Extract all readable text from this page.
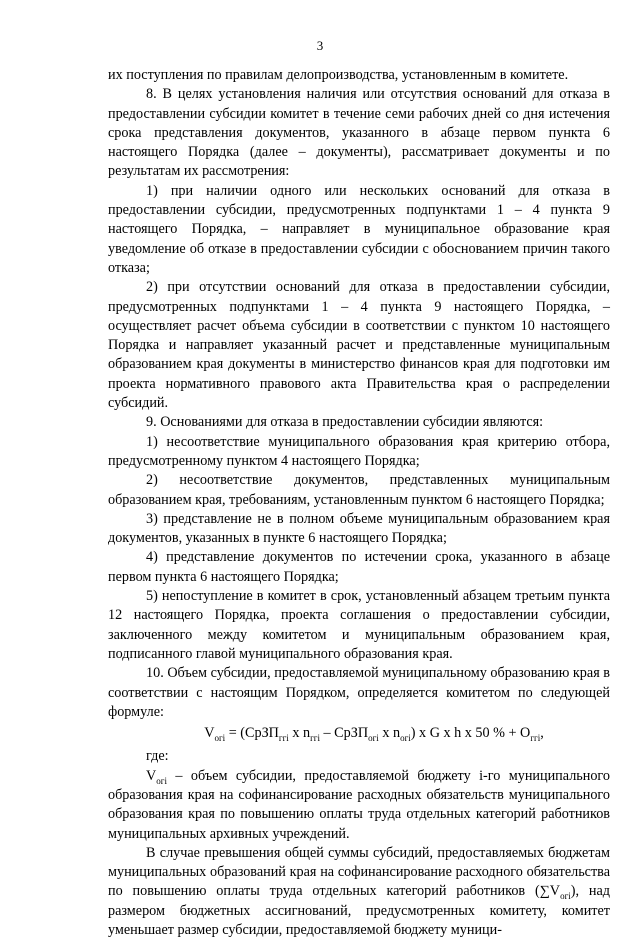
3

их поступления по правилам делопроизводства, установленным в комитете.

8. В целях установления наличия или отсутствия оснований для отказа в предоставлении субсидии комитет в течение семи рабочих дней со дня истечения срока представления документов, указанного в абзаце первом пункта 6 настоящего Порядка (далее – документы), рассматривает документы и по результатам их рассмотрения:

1) при наличии одного или нескольких оснований для отказа в предоставлении субсидии, предусмотренных подпунктами 1 – 4 пункта 9 настоящего Порядка, – направляет в муниципальное образование края уведомление об отказе в предоставлении субсидии с обоснованием причин такого отказа;

2) при отсутствии оснований для отказа в предоставлении субсидии, предусмотренных подпунктами 1 – 4 пункта 9 настоящего Порядка, – осуществляет расчет объема субсидии в соответствии с пунктом 10 настоящего Порядка и направляет указанный расчет и представленные муниципальным образованием края документы в министерство финансов края для подготовки им проекта нормативного правового акта Правительства края о распределении субсидий.

9. Основаниями для отказа в предоставлении субсидии являются:

1) несоответствие муниципального образования края критерию отбора, предусмотренному пунктом 4 настоящего Порядка;

2) несоответствие документов, представленных муниципальным образованием края, требованиям, установленным пунктом 6 настоящего Порядка;

3) представление не в полном объеме муниципальным образованием края документов, указанных в пункте 6 настоящего Порядка;

4) представление документов по истечении срока, указанного в абзаце первом пункта 6 настоящего Порядка;

5) непоступление в комитет в срок, установленный абзацем третьим пункта 12 настоящего Порядка, проекта соглашения о предоставлении субсидии, заключенного между комитетом и муниципальным образованием края, подписанного главой муниципального образования края.

10. Объем субсидии, предоставляемой муниципальному образованию края в соответствии с настоящим Порядком, определяется комитетом по следующей формуле:

$V_{огi}$ = (СрЗП$_{ггi}$ x $n_{ггi}$ – СрЗП$_{огi}$ x $n_{огi}$) x G x h x 50 % + $O_{ггi}$,

где:

$V_{огi}$ – объем субсидии, предоставляемой бюджету i-го муниципального образования края на софинансирование расходных обязательств муниципального образования края по повышению оплаты труда отдельных категорий работников муниципальных архивных учреждений.

В случае превышения общей суммы субсидий, предоставляемых бюджетам муниципальных образований края на софинансирование расходного обязательства по повышению оплаты труда отдельных категорий работников $(\sum V_{огi})$, над размером бюджетных ассигнований, предусмотренных комитету, комитет уменьшает размер субсидии, предоставляемой бюджету муници-
